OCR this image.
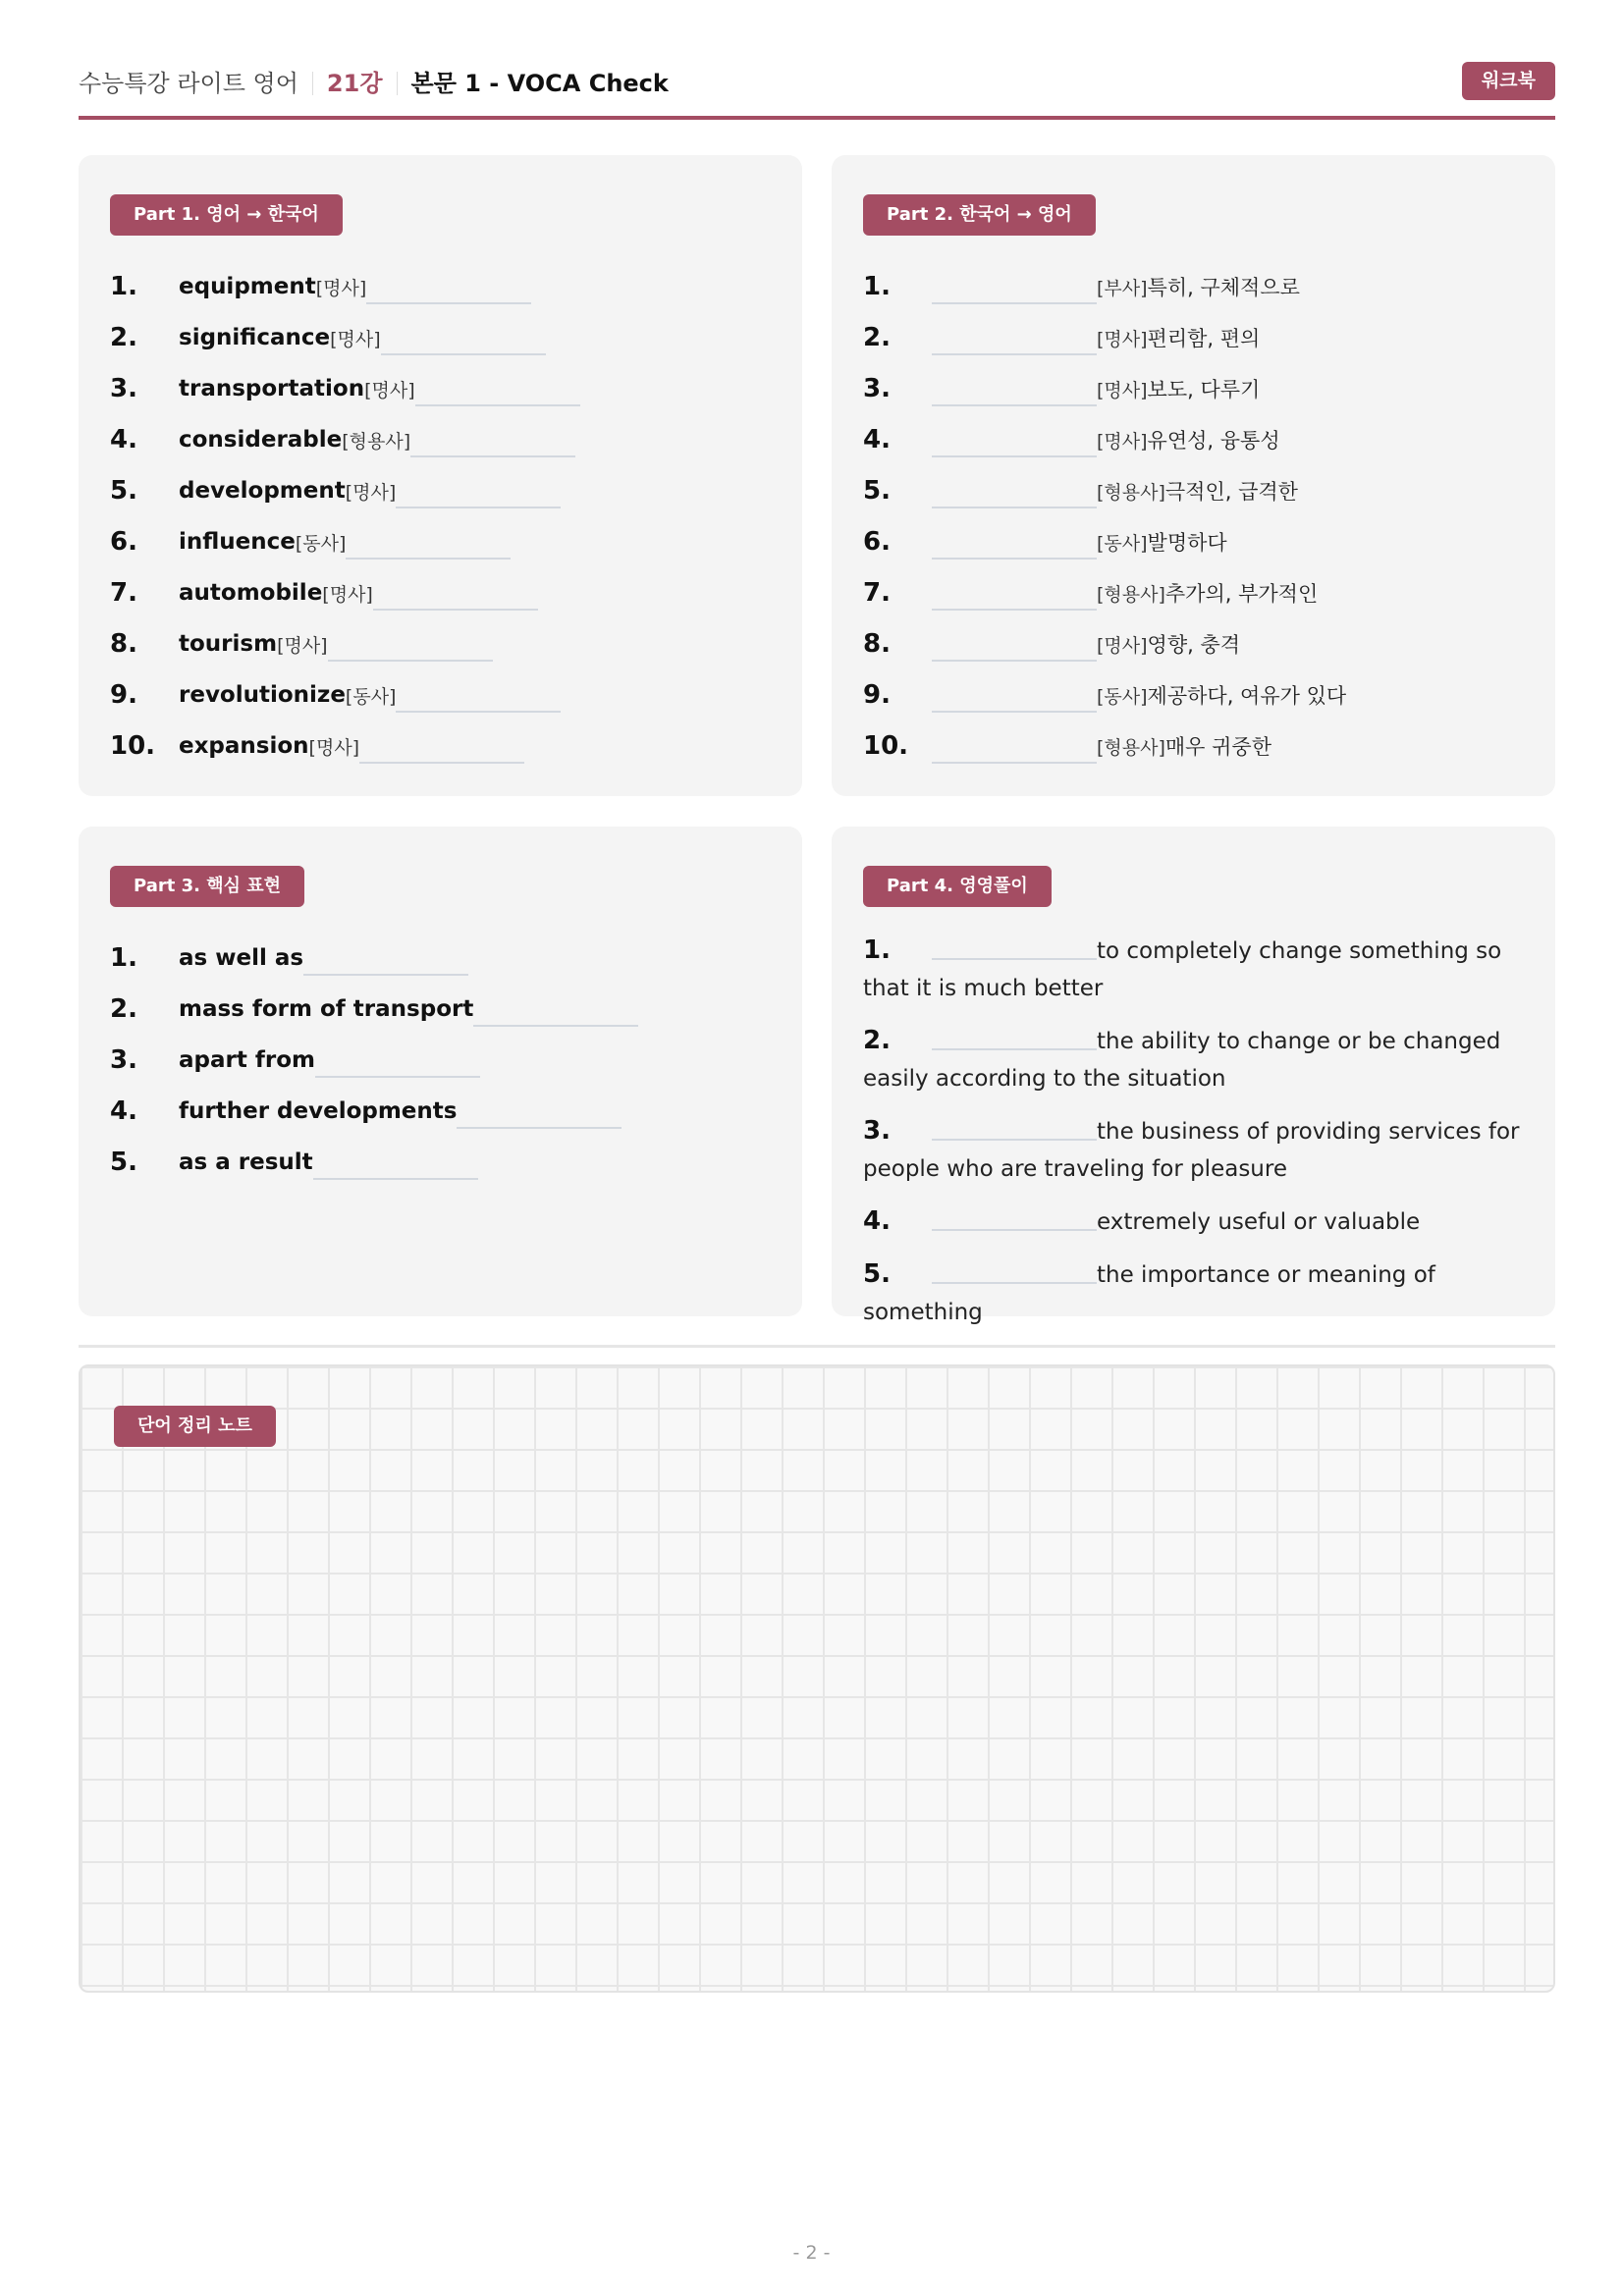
수능특강 라이트 영어 21강 본문 1 - VOCA Check	워크북
Part 1. 영어 → 한국어
1.	equipment [명사]
2.	significance [명사]
3.	transportation [명사]
4.	considerable [형용사]
5.	development [명사]
6.	influence [동사]
7.	automobile [명사]
8.	tourism [명사]
9.	revolutionize [동사]
10.	expansion [명사]
Part 2. 한국어 → 영어
1.	[부사] 특히, 구체적으로
2.	[명사] 편리함, 편의
3.	[명사] 보도, 다루기
4.	[명사] 유연성, 융통성
5.	[형용사] 극적인, 급격한
6.	[동사] 발명하다
7.	[형용사] 추가의, 부가적인
8.	[명사] 영향, 충격
9.	[동사] 제공하다, 여유가 있다
10.	[형용사] 매우 귀중한
Part 3. 핵심 표현
1.	as well as
2.	mass form of transport
3.	apart from
4.	further developments
5.	as a result
Part 4. 영영풀이
1.	to completely change something so that it is much better
2.	the ability to change or be changed easily according to the situation
3.	the business of providing services for people who are traveling for pleasure
4.	extremely useful or valuable
5.	the importance or meaning of something
단어 정리 노트
- 2 -
